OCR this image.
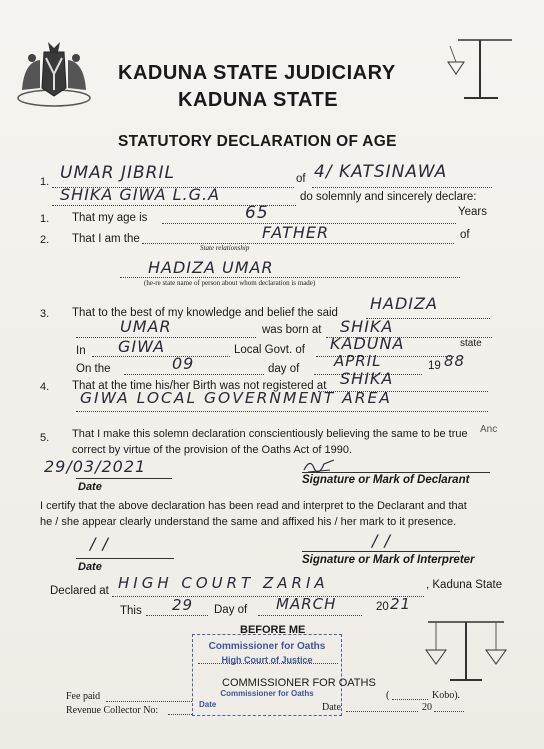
KADUNA STATE JUDICIARY
KADUNA STATE
STATUTORY DECLARATION OF AGE
1. UMAR JIBRIL	of 4/ KATSINAWA
SHIKA GIWA L.G.A	do solemnly and sincerely declare:
1. That my age is	65	Years
2. That I am the	FATHER	of
State relationship
HADIZA UMAR
(he-re state name of person about whom declaration is made)
3. That to the best of my knowledge and belief the said HADIZA
UMAR	was born at SHIKA
In GIWA	Local Govt. of KADUNA	state
On the	09	day of APRIL	19 88
4. That at the time his/her Birth was not registered at SHIKA
GIWA LOCAL GOVERNMENT AREA
5. That I make this solemn declaration conscientiously believing the same to be true Anc
correct by virtue of the provision of the Oaths Act of 1990.
29/03/2021
Date
Signature or Mark of Declarant
I certify that the above declaration has been read and interpret to the Declarant and that
he / she appear clearly understand the same and affixed his / her mark to it presence.
/ /
Date
/ /
Signature or Mark of Interpreter
Declared at HIGH COURT ZARIA	, Kaduna State
This 29 Day of MARCH	20 21
BEFORE ME
Commissioner for Oaths
High Court of Justice
Commissioner for Oaths
Date
COMMISSIONER FOR OATHS
Fee paid	(	Kobo).
Revenue Collector No:	Date	20
